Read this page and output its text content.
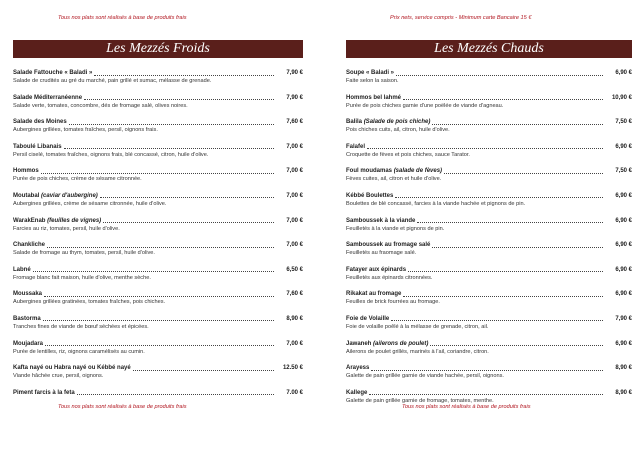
Tous nos plats sont réalisés à base de produits frais	Prix nets, service compris - Minimum carte Bancaire 15 €
Les Mezzés Froids
Salade Fattouche « Baladi »	7,90 €
Salade de crudités au gré du marché, pain grillé et sumac, mélasse de grenade.
Salade Méditerranéenne	7,90 €
Salade verte, tomates, concombre, dés de fromage salé, olives noires.
Salade des Moines	7,60 €
Aubergines grillées, tomates fraîches, persil, oignons frais.
Taboulé Libanais	7,00 €
Persil ciselé, tomates fraîches, oignons frais, blé concassé, citron, huile d'olive.
Hommos	7,00 €
Purée de pois chiches, crème de sésame citronnée.
Moutabal (caviar d'aubergine)	7,00 €
Aubergines grillées, crème de sésame citronnée, huile d'olive.
WarakEnab (feuilles de vignes)	7,00 €
Farcies au riz, tomates, persil, huile d'olive.
Chankliche	7,00 €
Salade de fromage au thym, tomates, persil, huile d'olive.
Labné	6,50 €
Fromage blanc fait maison, huile d'olive, menthe sèche.
Moussaka	7,60 €
Aubergines grillées gratinées, tomates fraîches, pois chiches.
Bastorma	8,90 €
Tranches fines de viande de bœuf séchées et épicées.
Moujadara	7,00 €
Purée de lentilles, riz, oignons caramélisés au cumin.
Kafta nayé ou Habra nayé ou Kébbé nayé	12.50 €
Viande hâchée crue, persil, oignons.
Piment farcis à la feta	7.00 €
Les Mezzés Chauds
Soupe « Baladi »	6,90 €
Faite selon la saison.
Hommos bel lahmé	10,90 €
Purée de pois chiches garnie d'une poëlée de viande d'agneau.
Balila (Salade de pois chiche)	7,50 €
Pois chiches cuits, ail, citron, huile d'olive.
Falafel	6,90 €
Croquette de fèves et pois chiches, sauce Tarator.
Foul moudamas (salade de fèves)	7,50 €
Fèves cuites, ail, citron et huile d'olive.
Kébbé Boulettes	6,90 €
Boulettes de blé concassé, farcies à la viande hachée et pignons de pin.
Samboussek à la viande	6,90 €
Feuilletés à la viande et pignons de pin.
Samboussek au fromage salé	6,90 €
Feuilletés au fraomage salé.
Fatayer aux épinards	6,90 €
Feuilletés aux épinards citronnées.
Rikakat au fromage	6,90 €
Feuilles de brick fourrées au fromage.
Foie de Volaille	7,90 €
Foie de volaille poêlé à la mélasse de grenade, citron, ail.
Jawaneh (ailerons de poulet)	6,90 €
Ailerons de poulet grillés, marinés à l'ail, coriandre, citron.
Arayess	8,90 €
Galette de pain grillée garnie de viande hachée, persil, oignons.
Kallege	8,90 €
Galette de pain grillée garnie de fromage, tomates, menthe.
Tous nos plats sont réalisés à base de produits frais	Tous nos plats sont réalisés à base de produits frais
